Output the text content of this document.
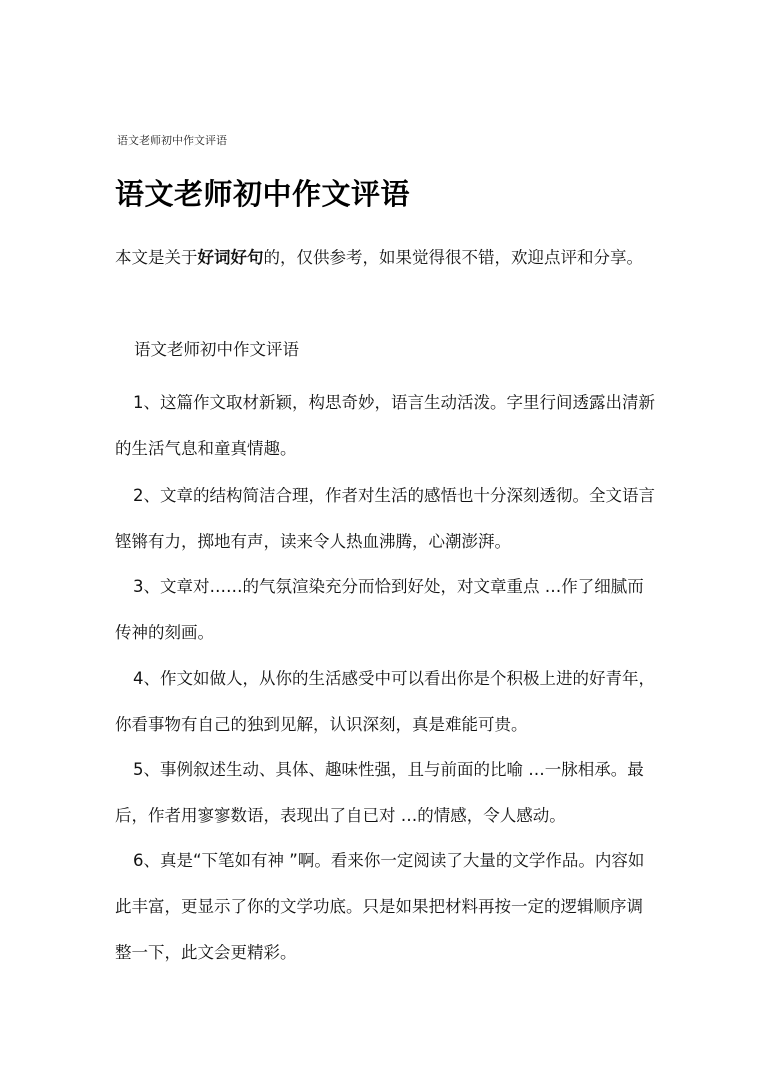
语文老师初中作文评语
语文老师初中作文评语

本文是关于好词好句的，仅供参考，如果觉得很不错，欢迎点评和分享。

语文老师初中作文评语

1、这篇作文取材新颖，构思奇妙，语言生动活泼。字里行间透露出清新的生活气息和童真情趣。

2、文章的结构简洁合理，作者对生活的感悟也十分深刻透彻。全文语言铿锵有力，掷地有声，读来令人热血沸腾，心潮澎湃。

3、文章对……的气氛渲染充分而恰到好处，对文章重点 …作了细腻而传神的刻画。

4、作文如做人，从你的生活感受中可以看出你是个积极上进的好青年，你看事物有自己的独到见解，认识深刻，真是难能可贵。

5、事例叙述生动、具体、趣味性强，且与前面的比喻 …一脉相承。最后，作者用寥寥数语，表现出了自已对 …的情感，令人感动。

6、真是“下笔如有神 ”啊。看来你一定阅读了大量的文学作品。内容如此丰富，更显示了你的文学功底。只是如果把材料再按一定的逻辑顺序调整一下，此文会更精彩。
